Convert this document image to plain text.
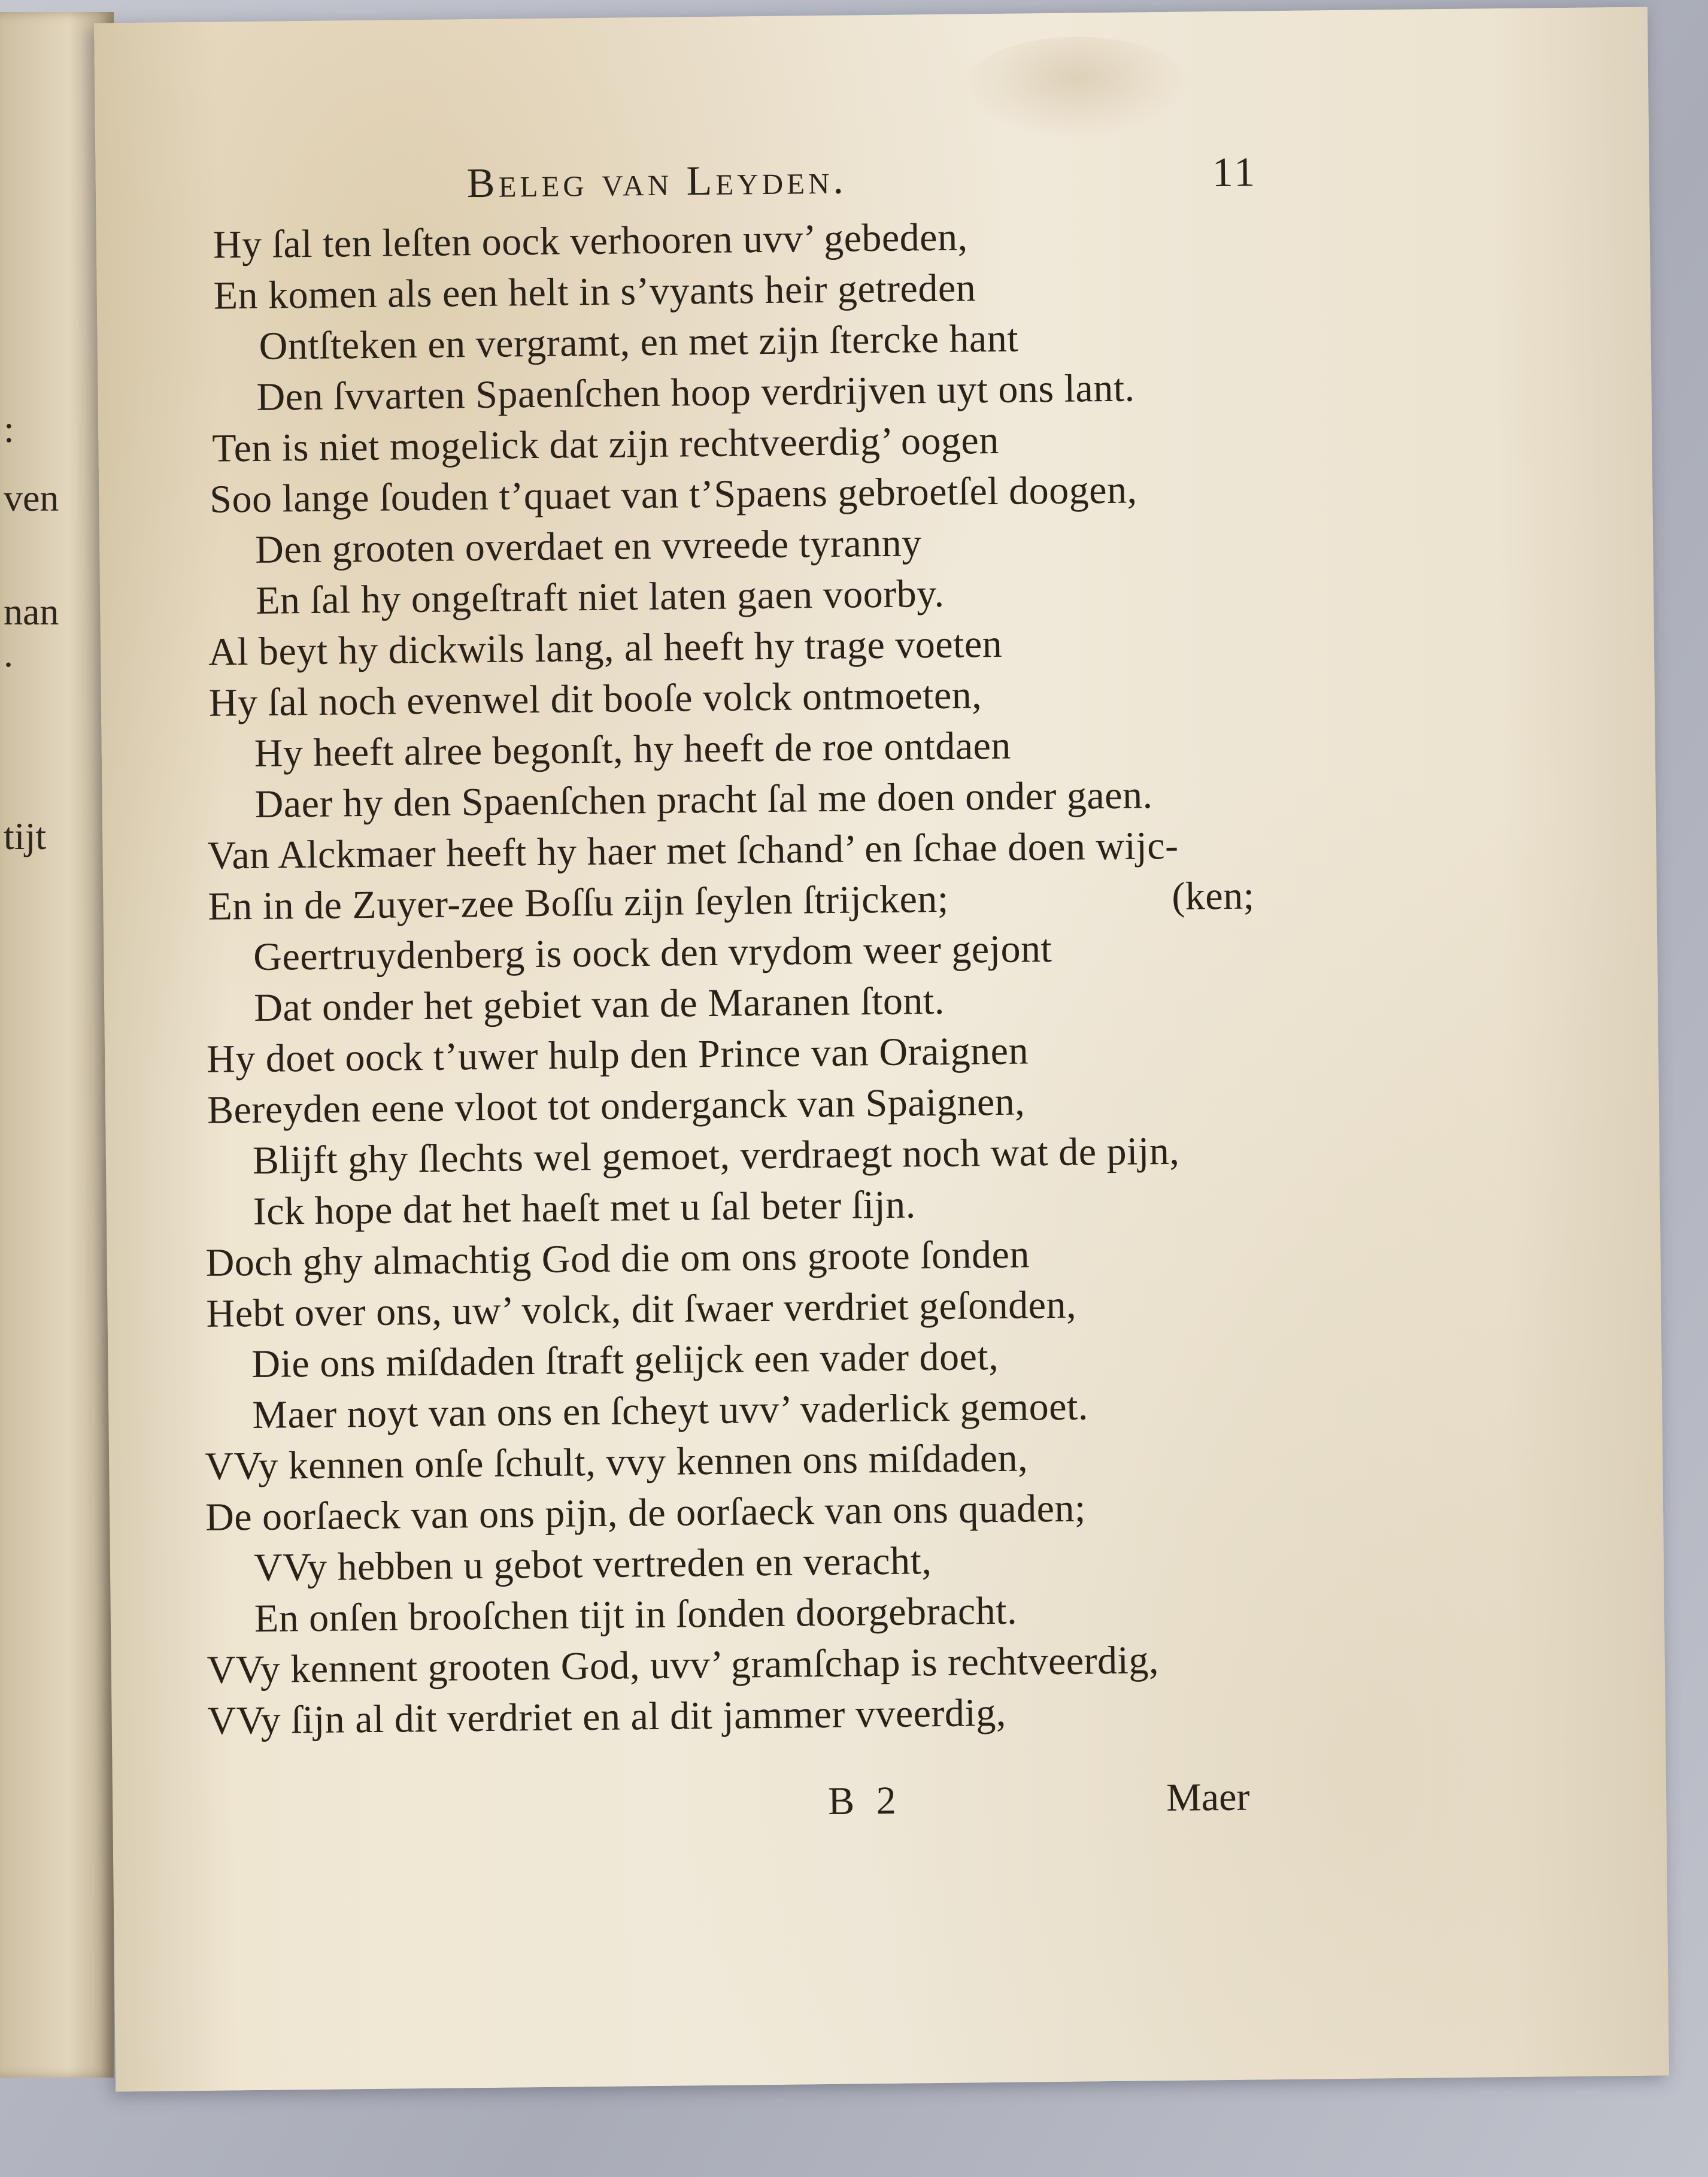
:
ven
nan
.
tijt
Beleg van Leyden.	11
Hy ſal ten leſten oock verhooren uvv’ gebeden,
En komen als een helt in s’vyants heir getreden
Ontſteken en vergramt, en met zijn ſtercke hant
Den ſvvarten Spaenſchen hoop verdrijven uyt ons lant.
Ten is niet mogelick dat zijn rechtveerdig’ oogen
Soo lange ſouden t’quaet van t’Spaens gebroetſel doogen,
Den grooten overdaet en vvreede tyranny
En ſal hy ongeſtraft niet laten gaen voorby.
Al beyt hy dickwils lang, al heeft hy trage voeten
Hy ſal noch evenwel dit booſe volck ontmoeten,
Hy heeft alree begonſt, hy heeft de roe ontdaen
Daer hy den Spaenſchen pracht ſal me doen onder gaen.
Van Alckmaer heeft hy haer met ſchand’ en ſchae doen wijc-
En in de Zuyer-zee Boſſu zijn ſeylen ſtrijcken;	(ken;
Geertruydenberg is oock den vrydom weer gejont
Dat onder het gebiet van de Maranen ſtont.
Hy doet oock t’uwer hulp den Prince van Oraignen
Bereyden eene vloot tot onderganck van Spaignen,
Blijft ghy ſlechts wel gemoet, verdraegt noch wat de pijn,
Ick hope dat het haeſt met u ſal beter ſijn.
Doch ghy almachtig God die om ons groote ſonden
Hebt over ons, uw’ volck, dit ſwaer verdriet geſonden,
Die ons miſdaden ſtraft gelijck een vader doet,
Maer noyt van ons en ſcheyt uvv’ vaderlick gemoet.
VVy kennen onſe ſchult, vvy kennen ons miſdaden,
De oorſaeck van ons pijn, de oorſaeck van ons quaden;
VVy hebben u gebot vertreden en veracht,
En onſen brooſchen tijt in ſonden doorgebracht.
VVy kennent grooten God, uvv’ gramſchap is rechtveerdig,
VVy ſijn al dit verdriet en al dit jammer vveerdig,
B 2	Maer
